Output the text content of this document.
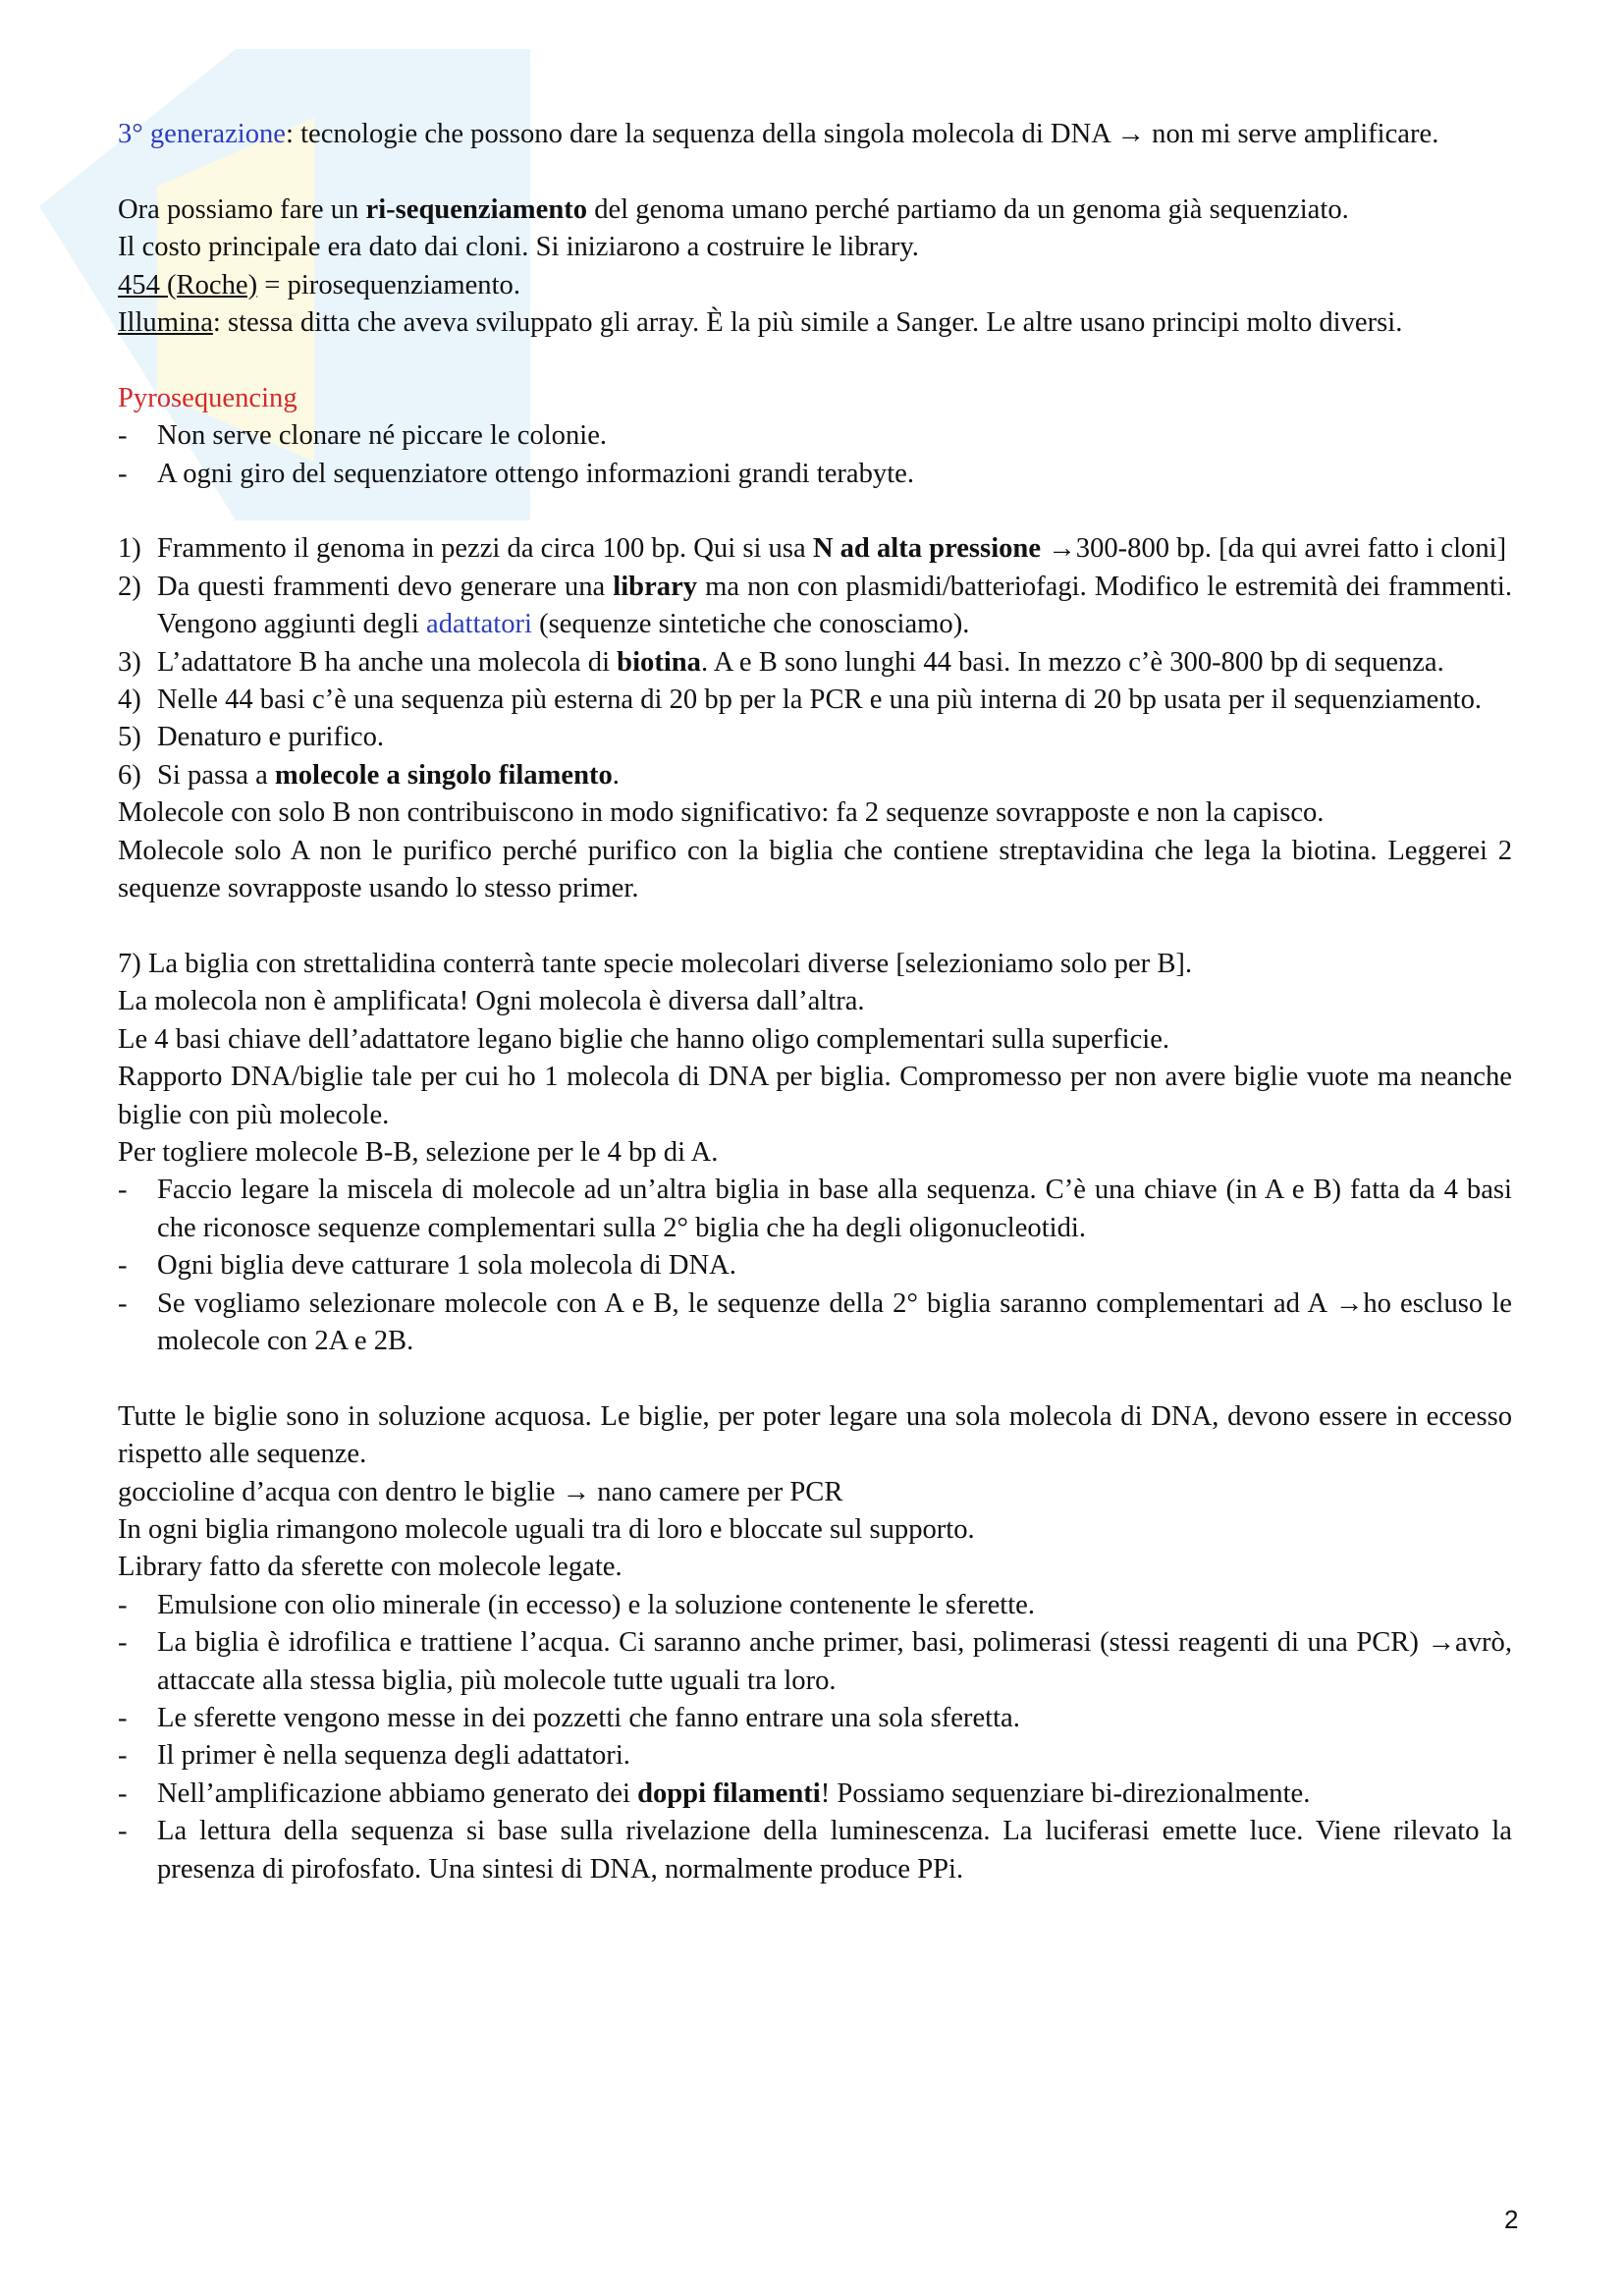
3° generazione: tecnologie che possono dare la sequenza della singola molecola di DNA → non mi serve amplificare.

Ora possiamo fare un ri-sequenziamento del genoma umano perché partiamo da un genoma già sequenziato.

Il costo principale era dato dai cloni. Si iniziarono a costruire le library.

454 (Roche) = pirosequenziamento.

Illumina: stessa ditta che aveva sviluppato gli array. È la più simile a Sanger. Le altre usano principi molto diversi.

Pyrosequencing

-	Non serve clonare né piccare le colonie.
-	A ogni giro del sequenziatore ottengo informazioni grandi terabyte.
1) Frammento il genoma in pezzi da circa 100 bp. Qui si usa N ad alta pressione →300-800 bp. [da qui avrei fatto i cloni]
2) Da questi frammenti devo generare una library ma non con plasmidi/batteriofagi. Modifico le estremità dei frammenti. Vengono aggiunti degli adattatori (sequenze sintetiche che conosciamo).
3) L’adattatore B ha anche una molecola di biotina. A e B sono lunghi 44 basi. In mezzo c’è 300-800 bp di sequenza.
4) Nelle 44 basi c’è una sequenza più esterna di 20 bp per la PCR e una più interna di 20 bp usata per il sequenziamento.
5) Denaturo e purifico.
6) Si passa a molecole a singolo filamento.

Molecole con solo B non contribuiscono in modo significativo: fa 2 sequenze sovrapposte e non la capisco.

Molecole solo A non le purifico perché purifico con la biglia che contiene streptavidina che lega la biotina. Leggerei 2 sequenze sovrapposte usando lo stesso primer.

7) La biglia con strettalidina conterrà tante specie molecolari diverse [selezioniamo solo per B].

La molecola non è amplificata! Ogni molecola è diversa dall’altra.

Le 4 basi chiave dell’adattatore legano biglie che hanno oligo complementari sulla superficie.

Rapporto DNA/biglie tale per cui ho 1 molecola di DNA per biglia. Compromesso per non avere biglie vuote ma neanche biglie con più molecole.

Per togliere molecole B-B, selezione per le 4 bp di A.

-	Faccio legare la miscela di molecole ad un’altra biglia in base alla sequenza. C’è una chiave (in A e B) fatta da 4 basi che riconosce sequenze complementari sulla 2° biglia che ha degli oligonucleotidi.
-	Ogni biglia deve catturare 1 sola molecola di DNA.
-	Se vogliamo selezionare molecole con A e B, le sequenze della 2° biglia saranno complementari ad A →ho escluso le molecole con 2A e 2B.

Tutte le biglie sono in soluzione acquosa. Le biglie, per poter legare una sola molecola di DNA, devono essere in eccesso rispetto alle sequenze.

goccioline d’acqua con dentro le biglie → nano camere per PCR

In ogni biglia rimangono molecole uguali tra di loro e bloccate sul supporto.

Library fatto da sferette con molecole legate.

-	Emulsione con olio minerale (in eccesso) e la soluzione contenente le sferette.
-	La biglia è idrofilica e trattiene l’acqua. Ci saranno anche primer, basi, polimerasi (stessi reagenti di una PCR) →avrò, attaccate alla stessa biglia, più molecole tutte uguali tra loro.
-	Le sferette vengono messe in dei pozzetti che fanno entrare una sola sferetta.
-	Il primer è nella sequenza degli adattatori.
-	Nell’amplificazione abbiamo generato dei doppi filamenti! Possiamo sequenziare bi-direzionalmente.
-	La lettura della sequenza si base sulla rivelazione della luminescenza. La luciferasi emette luce. Viene rilevato la presenza di pirofosfato. Una sintesi di DNA, normalmente produce PPi.
2
